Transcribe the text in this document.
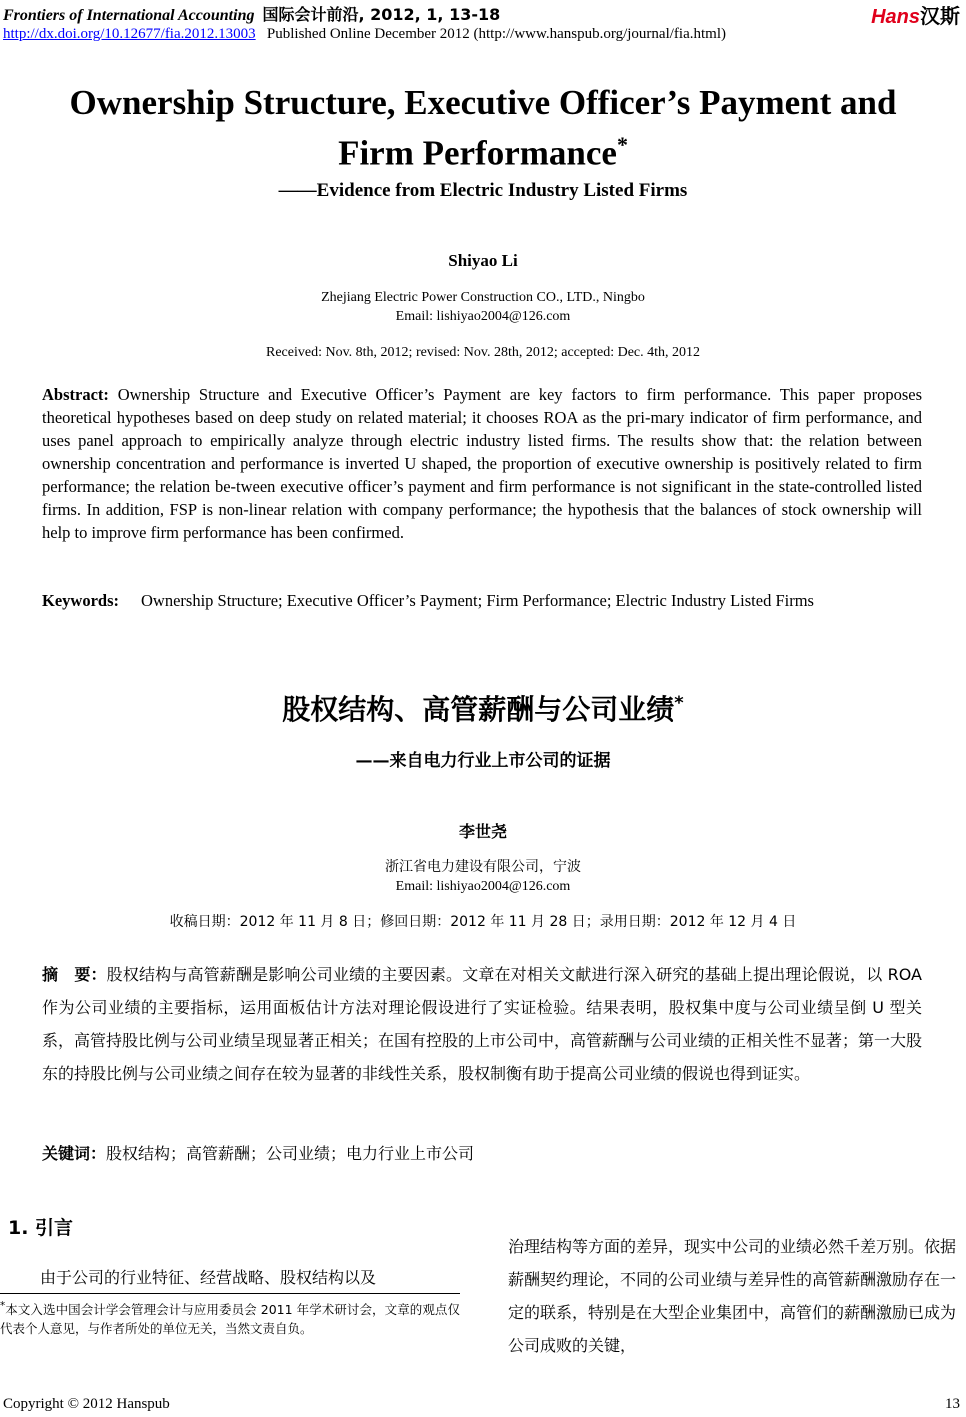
Frontiers of International Accounting 国际会计前沿, 2012, 1, 13-18
http://dx.doi.org/10.12677/fia.2012.13003 Published Online December 2012 (http://www.hanspub.org/journal/fia.html)
Hans汉斯
Ownership Structure, Executive Officer’s Payment and
Firm Performance*
——Evidence from Electric Industry Listed Firms
Shiyao Li
Zhejiang Electric Power Construction CO., LTD., Ningbo
Email: lishiyao2004@126.com
Received: Nov. 8th, 2012; revised: Nov. 28th, 2012; accepted: Dec. 4th, 2012
Abstract: Ownership Structure and Executive Officer’s Payment are key factors to firm performance. This paper proposes theoretical hypotheses based on deep study on related material; it chooses ROA as the pri-mary indicator of firm performance, and uses panel approach to empirically analyze through electric industry listed firms. The results show that: the relation between ownership concentration and performance is inverted U shaped, the proportion of executive ownership is positively related to firm performance; the relation be-tween executive officer’s payment and firm performance is not significant in the state-controlled listed firms. In addition, FSP is non-linear relation with company performance; the hypothesis that the balances of stock ownership will help to improve firm performance has been confirmed.
Keywords: Ownership Structure; Executive Officer’s Payment; Firm Performance; Electric Industry Listed Firms
股权结构、高管薪酬与公司业绩*
——来自电力行业上市公司的证据
李世尧
浙江省电力建设有限公司，宁波
Email: lishiyao2004@126.com
收稿日期：2012 年 11 月 8 日；修回日期：2012 年 11 月 28 日；录用日期：2012 年 12 月 4 日
摘　要：股权结构与高管薪酬是影响公司业绩的主要因素。文章在对相关文献进行深入研究的基础上提出理论假说，以 ROA 作为公司业绩的主要指标，运用面板估计方法对理论假设进行了实证检验。结果表明，股权集中度与公司业绩呈倒 U 型关系，高管持股比例与公司业绩呈现显著正相关；在国有控股的上市公司中，高管薪酬与公司业绩的正相关性不显著；第一大股东的持股比例与公司业绩之间存在较为显著的非线性关系，股权制衡有助于提高公司业绩的假说也得到证实。
关键词：股权结构；高管薪酬；公司业绩；电力行业上市公司
1. 引言
由于公司的行业特征、经营战略、股权结构以及
*本文入选中国会计学会管理会计与应用委员会 2011 年学术研讨会，文章的观点仅代表个人意见，与作者所处的单位无关，当然文责自负。
治理结构等方面的差异，现实中公司的业绩必然千差万别。依据薪酬契约理论，不同的公司业绩与差异性的高管薪酬激励存在一定的联系，特别是在大型企业集团中，高管们的薪酬激励已成为公司成败的关键，
Copyright © 2012 Hanspub	13
